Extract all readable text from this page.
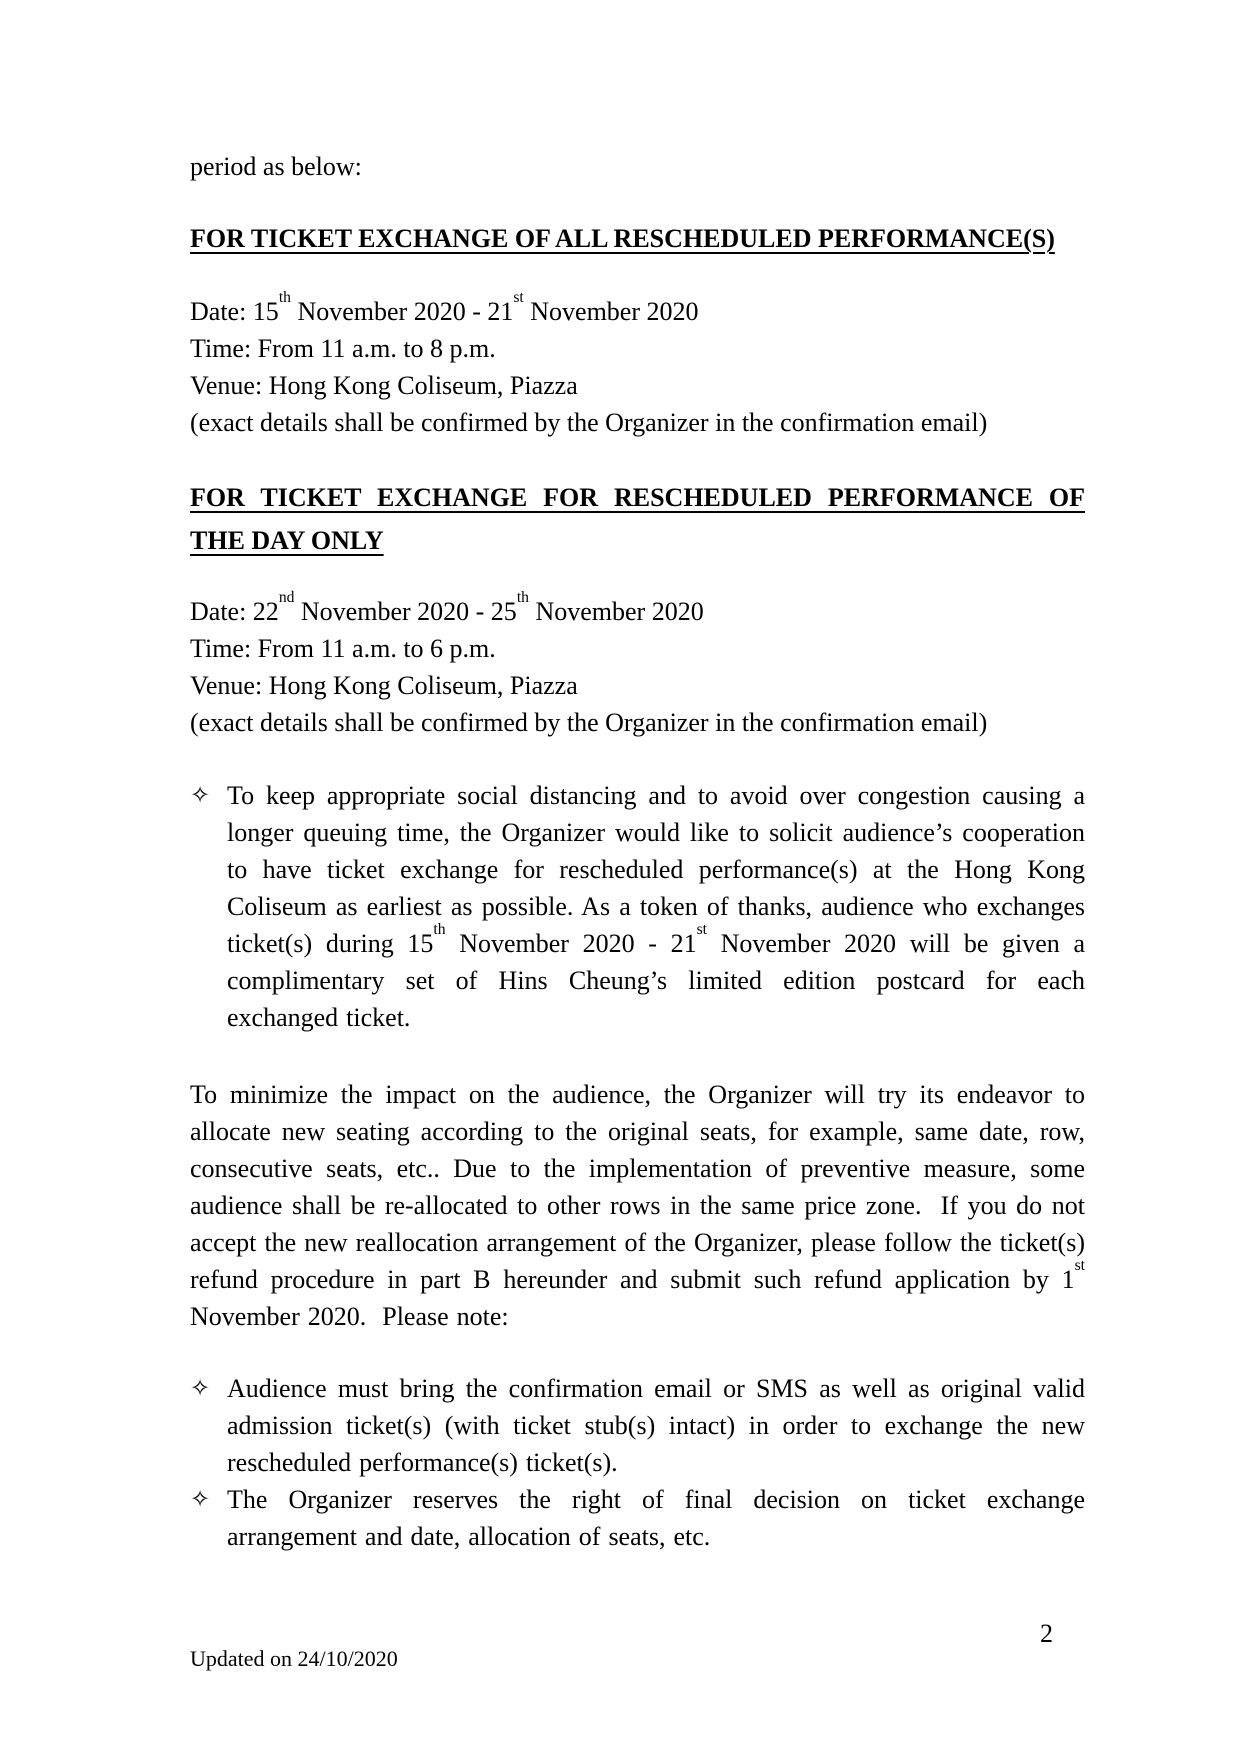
period as below:

FOR TICKET EXCHANGE OF ALL RESCHEDULED PERFORMANCE(S)

Date: 15th November 2020 - 21st November 2020

Time: From 11 a.m. to 8 p.m.

Venue: Hong Kong Coliseum, Piazza

(exact details shall be confirmed by the Organizer in the confirmation email)

FOR TICKET EXCHANGE FOR RESCHEDULED PERFORMANCE OF
THE DAY ONLY

Date: 22nd November 2020 - 25th November 2020

Time: From 11 a.m. to 6 p.m.

Venue: Hong Kong Coliseum, Piazza

(exact details shall be confirmed by the Organizer in the confirmation email)

✧ To keep appropriate social distancing and to avoid over congestion causing a longer queuing time, the Organizer would like to solicit audience’s cooperation to have ticket exchange for rescheduled performance(s) at the Hong Kong Coliseum as earliest as possible. As a token of thanks, audience who exchanges ticket(s) during 15th November 2020 - 21st November 2020 will be given a complimentary set of Hins Cheung’s limited edition postcard for each exchanged ticket.

To minimize the impact on the audience, the Organizer will try its endeavor to allocate new seating according to the original seats, for example, same date, row, consecutive seats, etc.. Due to the implementation of preventive measure, some audience shall be re-allocated to other rows in the same price zone.  If you do not accept the new reallocation arrangement of the Organizer, please follow the ticket(s) refund procedure in part B hereunder and submit such refund application by 1st November 2020.  Please note:

✧ Audience must bring the confirmation email or SMS as well as original valid admission ticket(s) (with ticket stub(s) intact) in order to exchange the new rescheduled performance(s) ticket(s).

✧ The Organizer reserves the right of final decision on ticket exchange arrangement and date, allocation of seats, etc.

2
Updated on 24/10/2020
